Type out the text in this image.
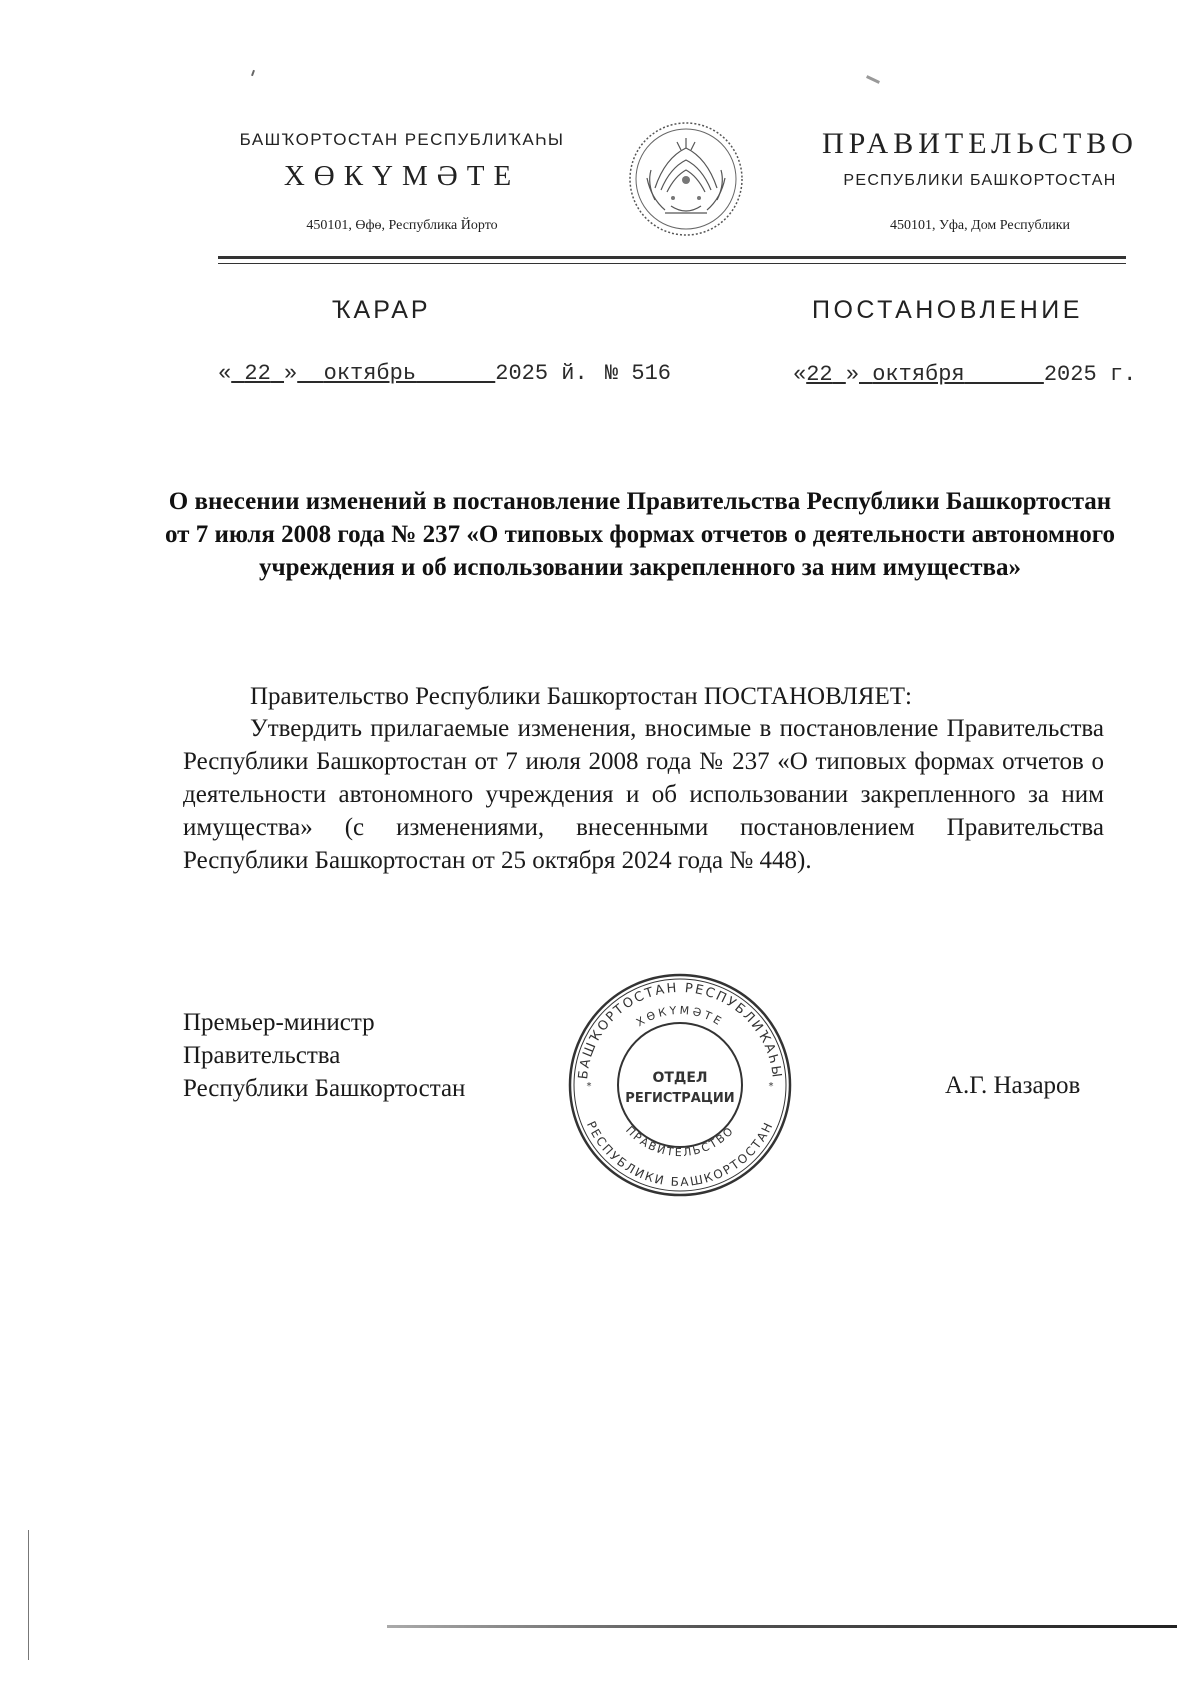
БАШҠОРТОСТАН РЕСПУБЛИҠАҺЫ
ХӨКҮМӘТЕ
450101, Өфө, Республика Йорто
ПРАВИТЕЛЬСТВО
РЕСПУБЛИКИ БАШКОРТОСТАН
450101, Уфа, Дом Республики
ҠАРАР	ПОСТАНОВЛЕНИЕ
« 22 » октябрь	2025 й. № 516	«22 » октября	2025 г.
О внесении изменений в постановление Правительства Республики Башкортостан от 7 июля 2008 года № 237 «О типовых формах отчетов о деятельности автономного учреждения и об использовании закрепленного за ним имущества»
Правительство Республики Башкортостан ПОСТАНОВЛЯЕТ:
Утвердить прилагаемые изменения, вносимые в постановление Правительства Республики Башкортостан от 7 июля 2008 года № 237 «О типовых формах отчетов о деятельности автономного учреждения и об использовании закрепленного за ним имущества» (с изменениями, внесенными постановлением Правительства Республики Башкортостан от 25 октября 2024 года № 448).
Премьер-министр
Правительства
Республики Башкортостан	А.Г. Назаров
БАШҠОРТОСТАН РЕСПУБЛИҠАҺЫ
ХӨКҮМӘТЕ
ПРАВИТЕЛЬСТВО
РЕСПУБЛИКИ БАШКОРТОСТАН
ОТДЕЛ
РЕГИСТРАЦИИ
*	*
